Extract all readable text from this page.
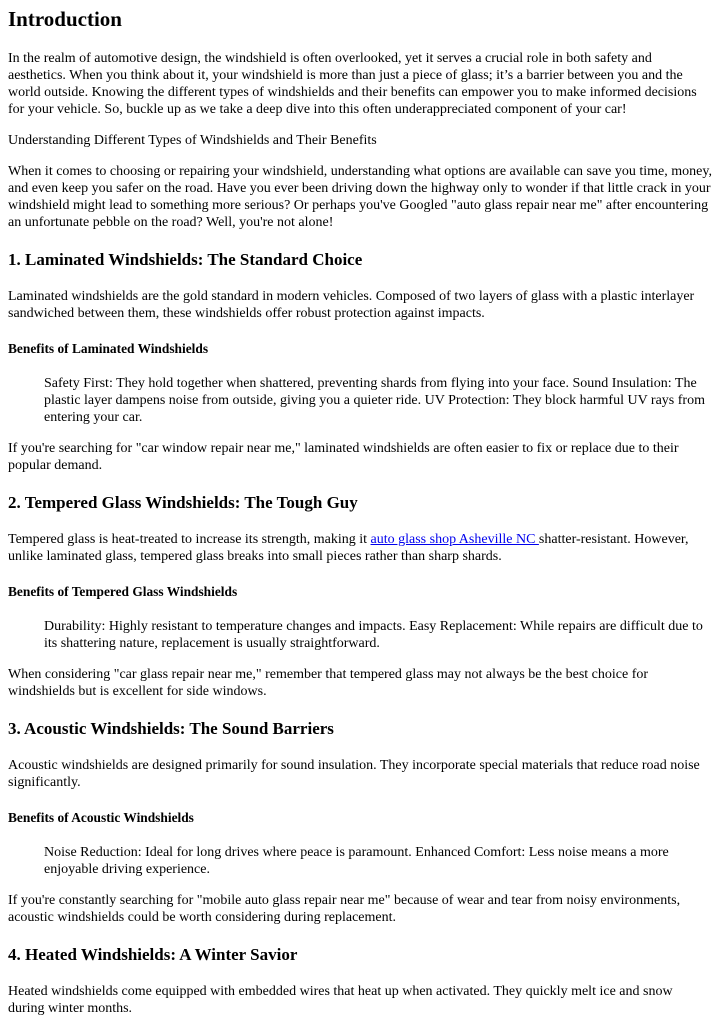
Introduction

In the realm of automotive design, the windshield is often overlooked, yet it serves a crucial role in both safety and aesthetics. When you think about it, your windshield is more than just a piece of glass; it’s a barrier between you and the world outside. Knowing the different types of windshields and their benefits can empower you to make informed decisions for your vehicle. So, buckle up as we take a deep dive into this often underappreciated component of your car!

Understanding Different Types of Windshields and Their Benefits

When it comes to choosing or repairing your windshield, understanding what options are available can save you time, money, and even keep you safer on the road. Have you ever been driving down the highway only to wonder if that little crack in your windshield might lead to something more serious? Or perhaps you've Googled "auto glass repair near me" after encountering an unfortunate pebble on the road? Well, you're not alone!

1. Laminated Windshields: The Standard Choice

Laminated windshields are the gold standard in modern vehicles. Composed of two layers of glass with a plastic interlayer sandwiched between them, these windshields offer robust protection against impacts.

Benefits of Laminated Windshields

Safety First: They hold together when shattered, preventing shards from flying into your face. Sound Insulation: The plastic layer dampens noise from outside, giving you a quieter ride. UV Protection: They block harmful UV rays from entering your car.

If you're searching for "car window repair near me," laminated windshields are often easier to fix or replace due to their popular demand.

2. Tempered Glass Windshields: The Tough Guy

Tempered glass is heat-treated to increase its strength, making it auto glass shop Asheville NC shatter-resistant. However, unlike laminated glass, tempered glass breaks into small pieces rather than sharp shards.

Benefits of Tempered Glass Windshields

Durability: Highly resistant to temperature changes and impacts. Easy Replacement: While repairs are difficult due to its shattering nature, replacement is usually straightforward.

When considering "car glass repair near me," remember that tempered glass may not always be the best choice for windshields but is excellent for side windows.

3. Acoustic Windshields: The Sound Barriers

Acoustic windshields are designed primarily for sound insulation. They incorporate special materials that reduce road noise significantly.

Benefits of Acoustic Windshields

Noise Reduction: Ideal for long drives where peace is paramount. Enhanced Comfort: Less noise means a more enjoyable driving experience.

If you're constantly searching for "mobile auto glass repair near me" because of wear and tear from noisy environments, acoustic windshields could be worth considering during replacement.

4. Heated Windshields: A Winter Savior

Heated windshields come equipped with embedded wires that heat up when activated. They quickly melt ice and snow during winter months.
